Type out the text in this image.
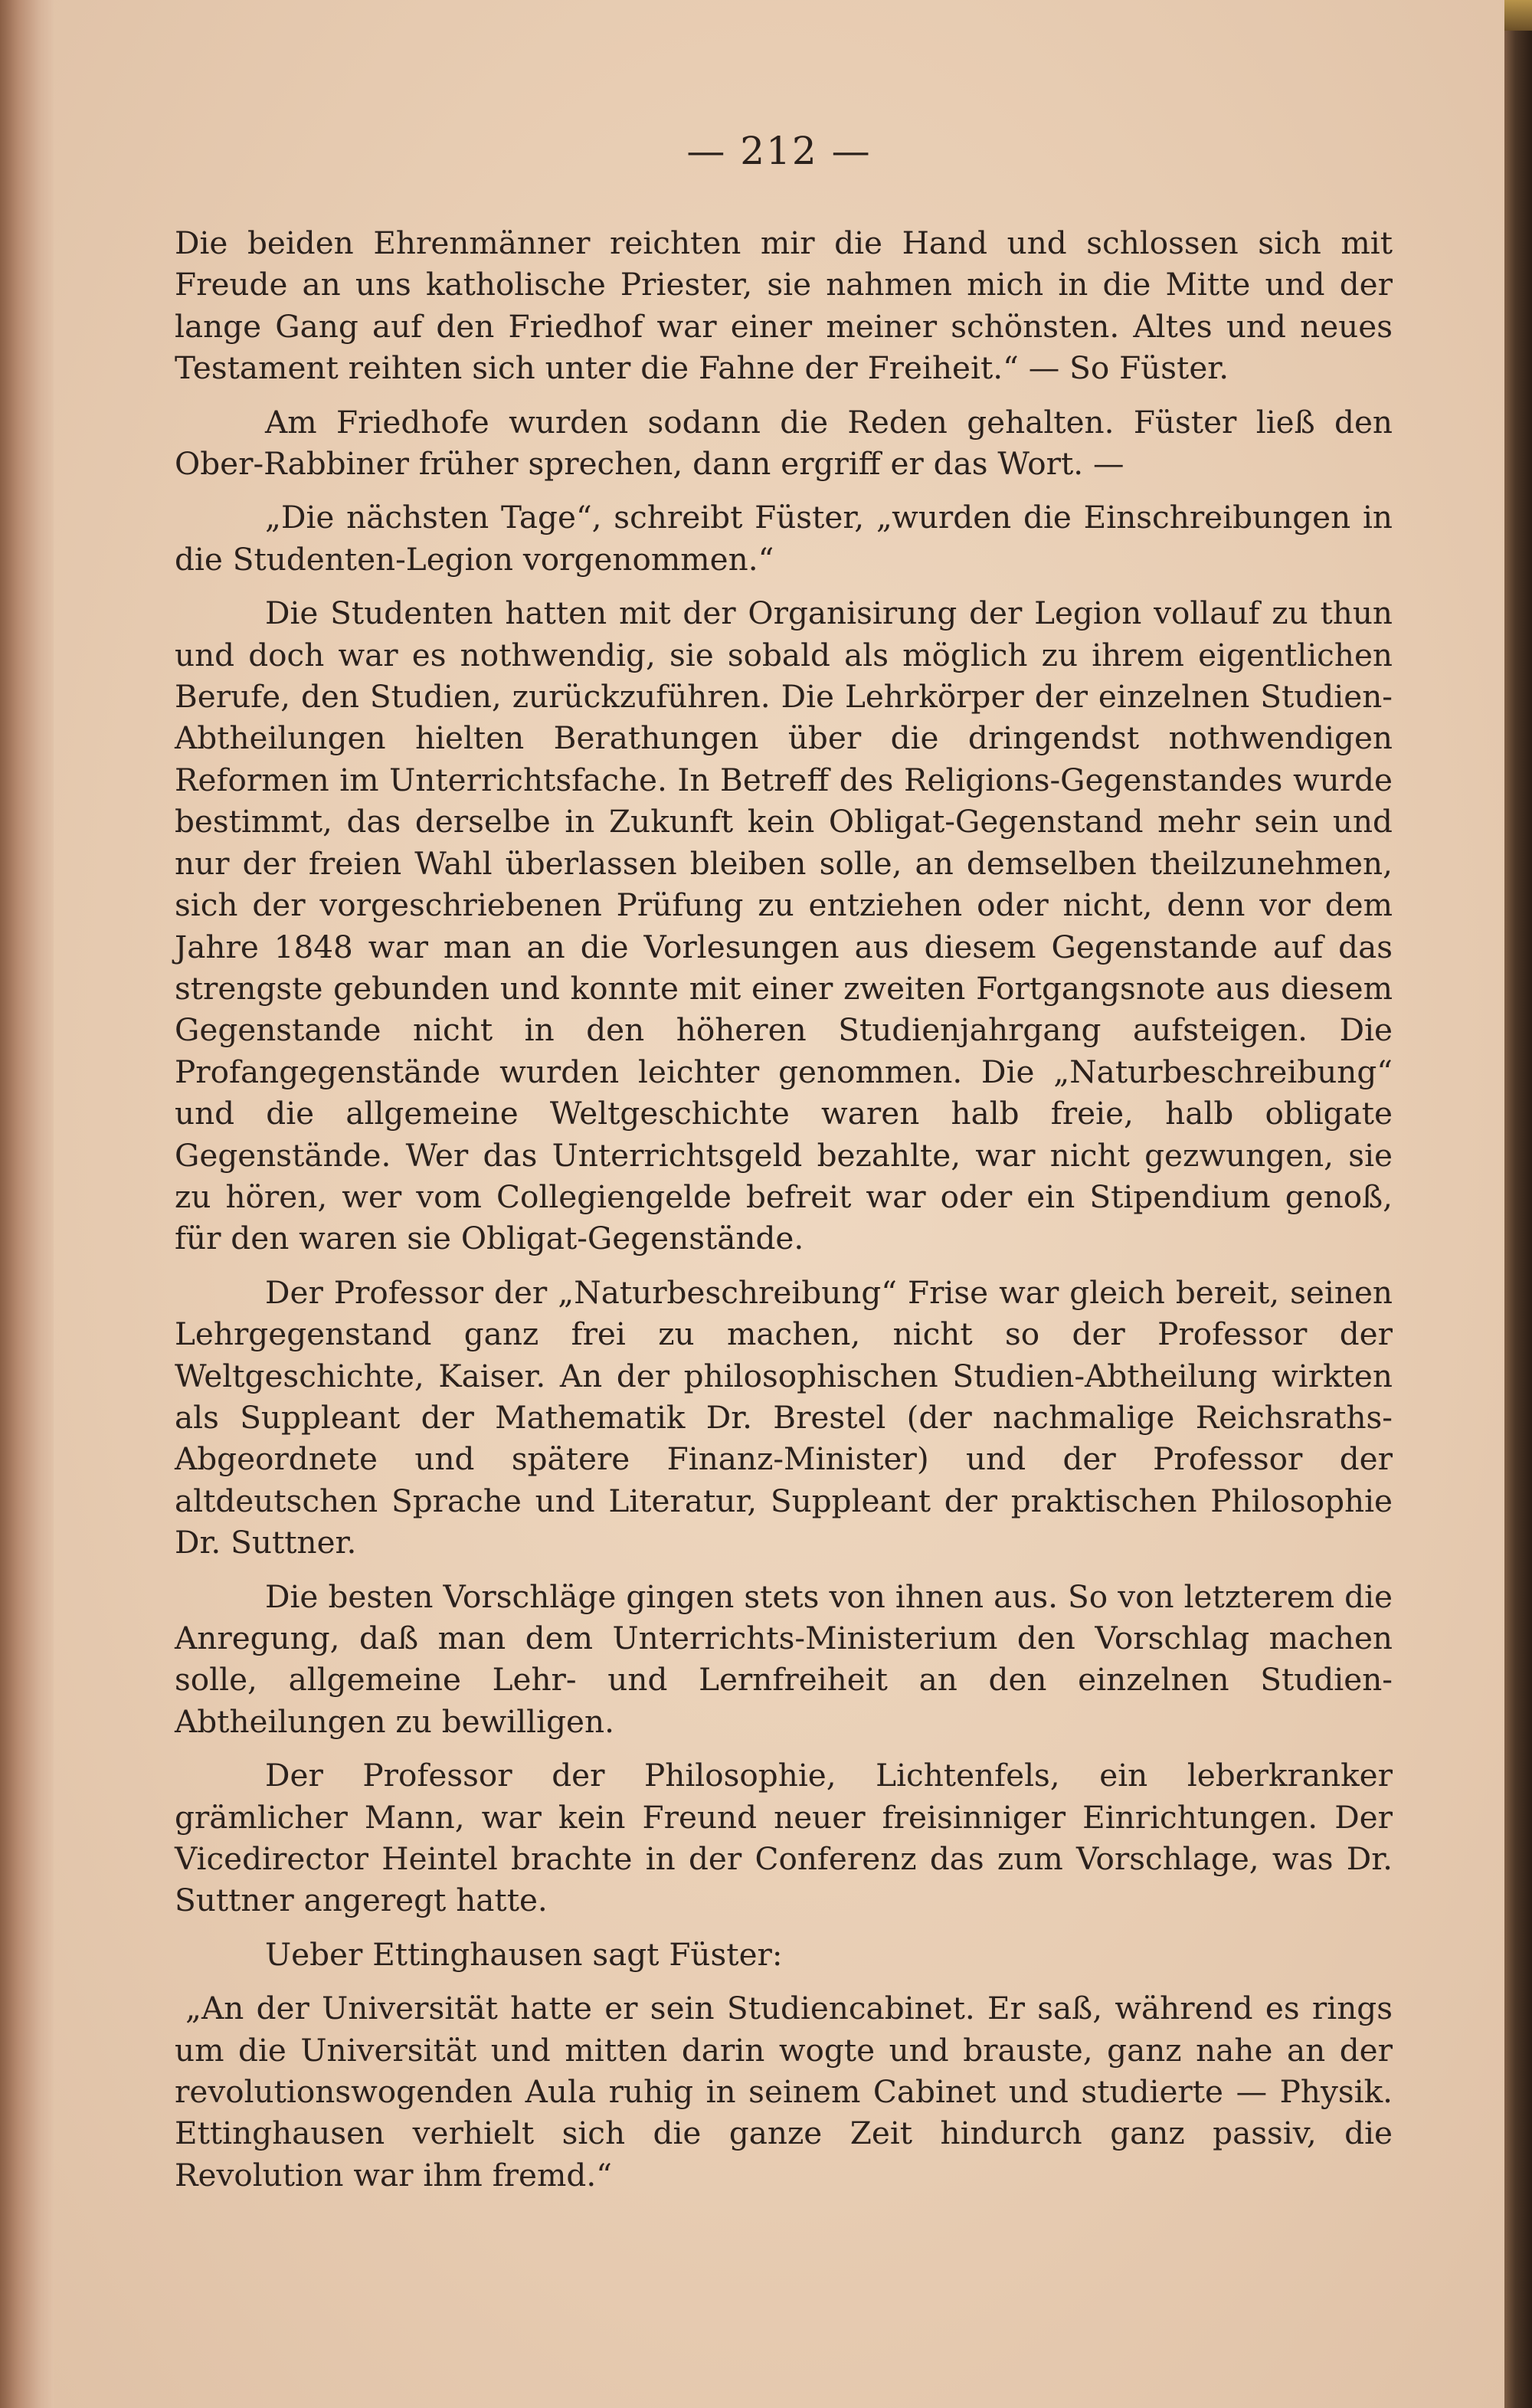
— 212 —

Die beiden Ehrenmänner reichten mir die Hand und schlossen sich mit Freude an uns katholische Priester, sie nahmen mich in die Mitte und der lange Gang auf den Friedhof war einer meiner schönsten. Altes und neues Testament reihten sich unter die Fahne der Freiheit.“ — So Füster.

Am Friedhofe wurden sodann die Reden gehalten. Füster ließ den Ober-Rabbiner früher sprechen, dann ergriff er das Wort. —

„Die nächsten Tage“, schreibt Füster, „wurden die Einschreibungen in die Studenten-Legion vorgenommen.“

Die Studenten hatten mit der Organisirung der Legion vollauf zu thun und doch war es nothwendig, sie sobald als möglich zu ihrem eigentlichen Berufe, den Studien, zurückzuführen. Die Lehrkörper der einzelnen Studien-Abtheilungen hielten Berathungen über die dringendst nothwendigen Reformen im Unterrichtsfache. In Betreff des Religions-Gegenstandes wurde bestimmt, das derselbe in Zukunft kein Obligat-Gegenstand mehr sein und nur der freien Wahl überlassen bleiben solle, an demselben theilzunehmen, sich der vorgeschriebenen Prüfung zu entziehen oder nicht, denn vor dem Jahre 1848 war man an die Vorlesungen aus diesem Gegenstande auf das strengste gebunden und konnte mit einer zweiten Fortgangsnote aus diesem Gegenstande nicht in den höheren Studienjahrgang aufsteigen. Die Profangegenstände wurden leichter genommen. Die „Naturbeschreibung“ und die allgemeine Weltgeschichte waren halb freie, halb obligate Gegenstände. Wer das Unterrichtsgeld bezahlte, war nicht gezwungen, sie zu hören, wer vom Collegiengelde befreit war oder ein Stipendium genoß, für den waren sie Obligat-Gegenstände.

Der Professor der „Naturbeschreibung“ Frise war gleich bereit, seinen Lehrgegenstand ganz frei zu machen, nicht so der Professor der Weltgeschichte, Kaiser. An der philosophischen Studien-Abtheilung wirkten als Suppleant der Mathematik Dr. Brestel (der nachmalige Reichsraths-Abgeordnete und spätere Finanz-Minister) und der Professor der altdeutschen Sprache und Literatur, Suppleant der praktischen Philosophie Dr. Suttner.

Die besten Vorschläge gingen stets von ihnen aus. So von letzterem die Anregung, daß man dem Unterrichts-Ministerium den Vorschlag machen solle, allgemeine Lehr- und Lernfreiheit an den einzelnen Studien-Abtheilungen zu bewilligen.

Der Professor der Philosophie, Lichtenfels, ein leberkranker grämlicher Mann, war kein Freund neuer freisinniger Einrichtungen. Der Vicedirector Heintel brachte in der Conferenz das zum Vorschlage, was Dr. Suttner angeregt hatte.

Ueber Ettinghausen sagt Füster:

„An der Universität hatte er sein Studiencabinet. Er saß, während es rings um die Universität und mitten darin wogte und brauste, ganz nahe an der revolutionswogenden Aula ruhig in seinem Cabinet und studierte — Physik. Ettinghausen verhielt sich die ganze Zeit hindurch ganz passiv, die Revolution war ihm fremd.“
